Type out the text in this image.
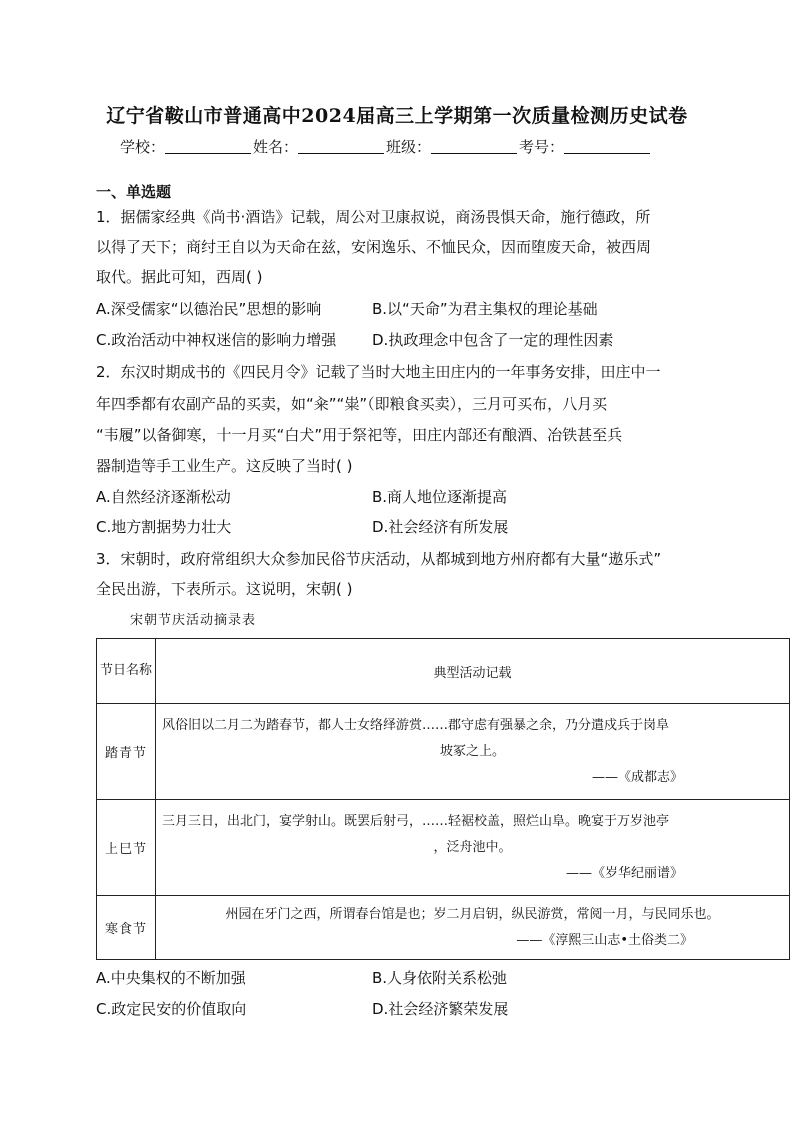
辽宁省鞍山市普通高中2024届高三上学期第一次质量检测历史试卷
学校：	姓名：	班级：	考号：
一、单选题
1．据儒家经典《尚书·酒诰》记载，周公对卫康叔说，商汤畏惧天命，施行德政，所
以得了天下；商纣王自以为天命在兹，安闲逸乐、不恤民众，因而堕废天命，被西周
取代。据此可知，西周( )
A.深受儒家“以德治民”思想的影响	B.以“天命”为君主集权的理论基础
C.政治活动中神权迷信的影响力增强 D.执政理念中包含了一定的理性因素
2．东汉时期成书的《四民月令》记载了当时大地主田庄内的一年事务安排，田庄中一
年四季都有农副产品的买卖，如“籴”“粜”（即粮食买卖），三月可买布，八月买
“韦履”以备御寒，十一月买“白犬”用于祭祀等，田庄内部还有酿酒、冶铁甚至兵
器制造等手工业生产。这反映了当时( )
A.自然经济逐渐松动	B.商人地位逐渐提高
C.地方割据势力壮大	D.社会经济有所发展
3．宋朝时，政府常组织大众参加民俗节庆活动，从都城到地方州府都有大量“遨乐式”
全民出游，下表所示。这说明，宋朝( )
宋朝节庆活动摘录表
节日名称	典型活动记载
踏青节	风俗旧以二月二为踏春节，都人士女络绎游赏……郡守虑有强暴之余，乃分遣戍兵于岗阜
坡冢之上。
——《成都志》

上巳节	三月三日，出北门，宴学射山。既罢后射弓，……轻裾校盖，照烂山阜。晚宴于万岁池亭
，泛舟池中。
——《岁华纪丽谱》

寒食节	州园在牙门之西，所谓春台馆是也；岁二月启钥，纵民游赏，常阅一月，与民同乐也。
——《淳熙三山志•土俗类二》
A.中央集权的不断加强	B.人身依附关系松弛
C.政定民安的价值取向	D.社会经济繁荣发展
